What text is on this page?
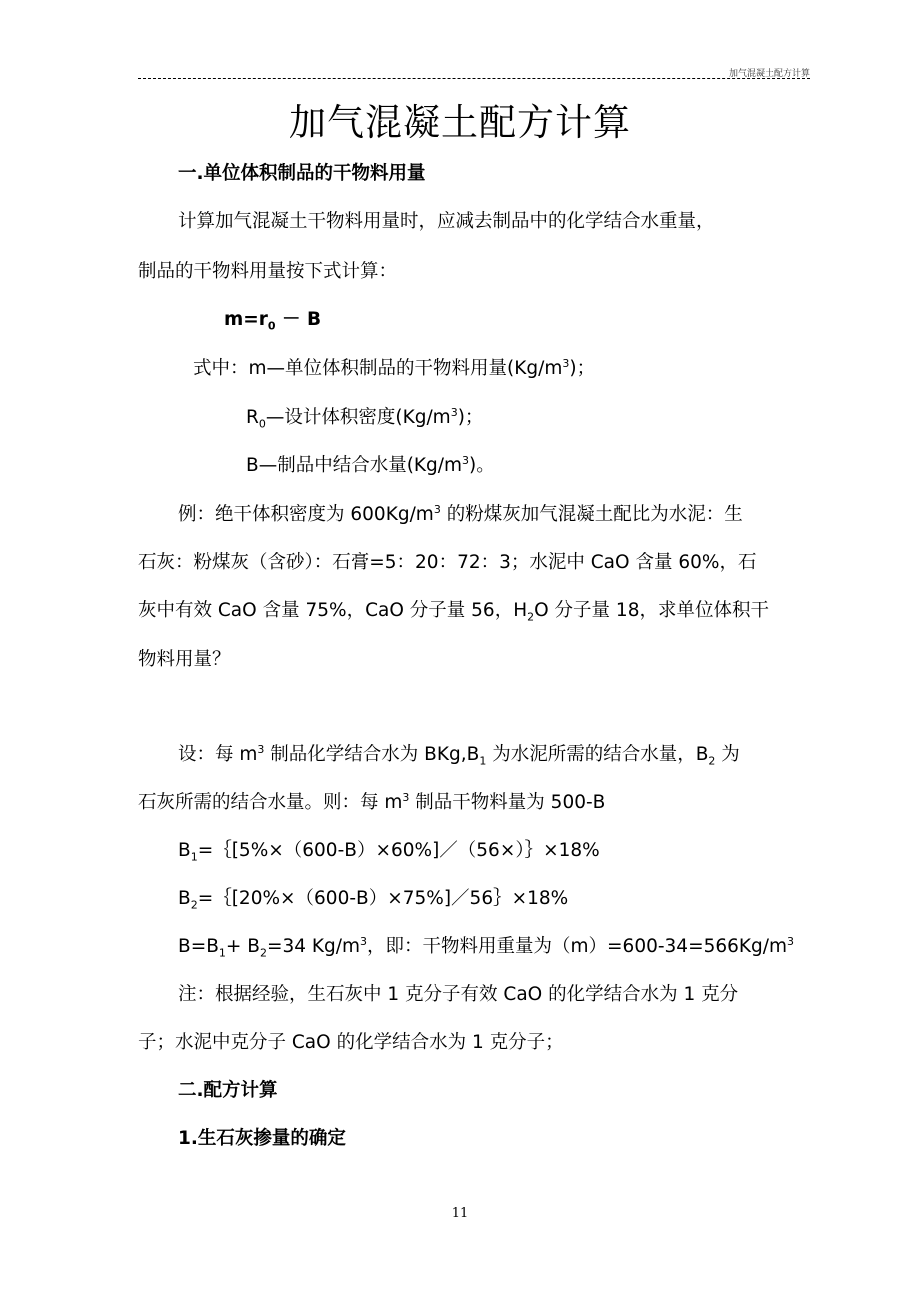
加气混凝土配方计算
加气混凝土配方计算
一.单位体积制品的干物料用量
计算加气混凝土干物料用量时，应减去制品中的化学结合水重量，
制品的干物料用量按下式计算：
$m=r_0 - B$
式中：m—单位体积制品的干物料用量$(Kg/m^3)$；
$R_0—$设计体积密度$(Kg/m^3)$；
B—制品中结合水量$(Kg/m^3)$。
例：绝干体积密度为 $600Kg/m^3$ 的粉煤灰加气混凝土配比为水泥：生
石灰：粉煤灰（含砂）：石膏=5：20：72：3；水泥中 CaO 含量 60%，石
灰中有效 CaO 含量 75%，CaO 分子量 56，$H_2O$ 分子量 18，求单位体积干
物料用量？
设：每 $m^3$ 制品化学结合水为 $BKg,B_1$ 为水泥所需的结合水量，$B_2$ 为
石灰所需的结合水量。则：每 $m^3$ 制品干物料量为 500-B
$B_1=\{[5\%\times(600-B)\times 60\%]/(56\times)\}\times 18\%$
$B_2=\{[20\%\times(600-B)\times 75\%]/56\}\times 18\%$
$B=B_1+ B_2=34$ $Kg/m^3$，即：干物料用重量为$(m)=600-34=566Kg/m^3$
注：根据经验，生石灰中 1 克分子有效 CaO 的化学结合水为 1 克分
子；水泥中克分子 CaO 的化学结合水为 1 克分子；
二.配方计算
1.生石灰掺量的确定
11
